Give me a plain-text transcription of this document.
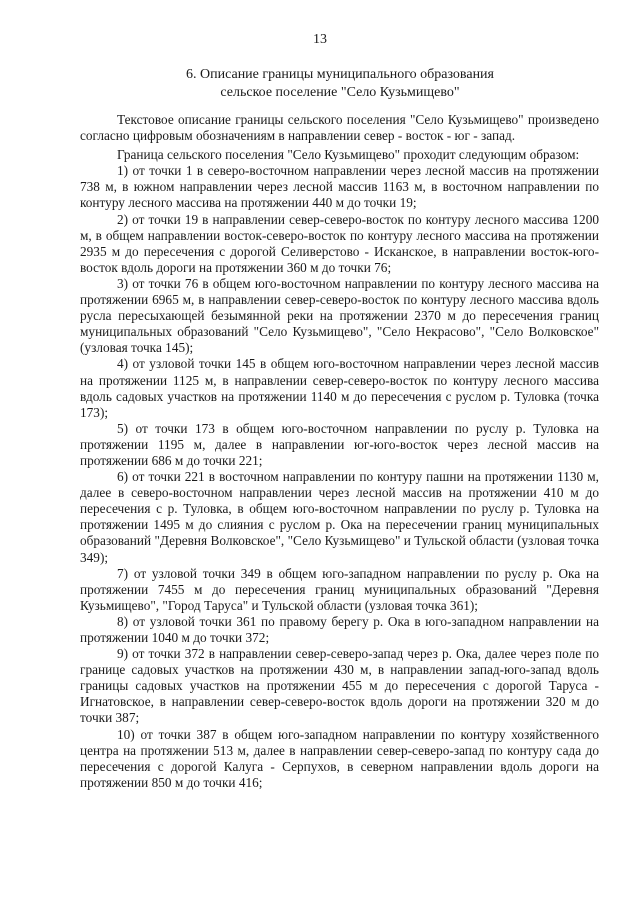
13
6. Описание границы муниципального образования
сельское поселение "Село Кузьмищево"

Текстовое описание границы сельского поселения "Село Кузьмищево" произведено согласно цифровым обозначениям в направлении север - восток - юг - запад.

Граница сельского поселения "Село Кузьмищево" проходит следующим образом:

1) от точки 1 в северо-восточном направлении через лесной массив на протяжении 738 м, в южном направлении через лесной массив 1163 м, в восточном направлении по контуру лесного массива на протяжении 440 м до точки 19;

2) от точки 19 в направлении север-северо-восток по контуру лесного массива 1200 м, в общем направлении восток-северо-восток по контуру лесного массива на протяжении 2935 м до пересечения с дорогой Селиверстово - Исканское, в направлении восток-юго-восток вдоль дороги на протяжении 360 м до точки 76;

3) от точки 76 в общем юго-восточном направлении по контуру лесного массива на протяжении 6965 м, в направлении север-северо-восток по контуру лесного массива вдоль русла пересыхающей безымянной реки на протяжении 2370 м до пересечения границ муниципальных образований "Село Кузьмищево", "Село Некрасово", "Село Волковское" (узловая точка 145);

4) от узловой точки 145 в общем юго-восточном направлении через лесной массив на протяжении 1125 м, в направлении север-северо-восток по контуру лесного массива вдоль садовых участков на протяжении 1140 м до пересечения с руслом р. Туловка (точка 173);

5) от точки 173 в общем юго-восточном направлении по руслу р. Туловка на протяжении 1195 м, далее в направлении юг-юго-восток через лесной массив на протяжении 686 м до точки 221;

6) от точки 221 в восточном направлении по контуру пашни на протяжении 1130 м, далее в северо-восточном направлении через лесной массив на протяжении 410 м до пересечения с р. Туловка, в общем юго-восточном направлении по руслу р. Туловка на протяжении 1495 м до слияния с руслом р. Ока на пересечении границ муниципальных образований "Деревня Волковское", "Село Кузьмищево" и Тульской области (узловая точка 349);

7) от узловой точки 349 в общем юго-западном направлении по руслу р. Ока на протяжении 7455 м до пересечения границ муниципальных образований "Деревня Кузьмищево", "Город Таруса" и Тульской области (узловая точка 361);

8) от узловой точки 361 по правому берегу р. Ока в юго-западном направлении на протяжении 1040 м до точки 372;

9) от точки 372 в направлении север-северо-запад через р. Ока, далее через поле по границе садовых участков на протяжении 430 м, в направлении запад-юго-запад вдоль границы садовых участков на протяжении 455 м до пересечения с дорогой Таруса - Игнатовское, в направлении север-северо-восток вдоль дороги на протяжении 320 м до точки 387;

10) от точки 387 в общем юго-западном направлении по контуру хозяйственного центра на протяжении 513 м, далее в направлении север-северо-запад по контуру сада до пересечения с дорогой Калуга - Серпухов, в северном направлении вдоль дороги на протяжении 850 м до точки 416;
